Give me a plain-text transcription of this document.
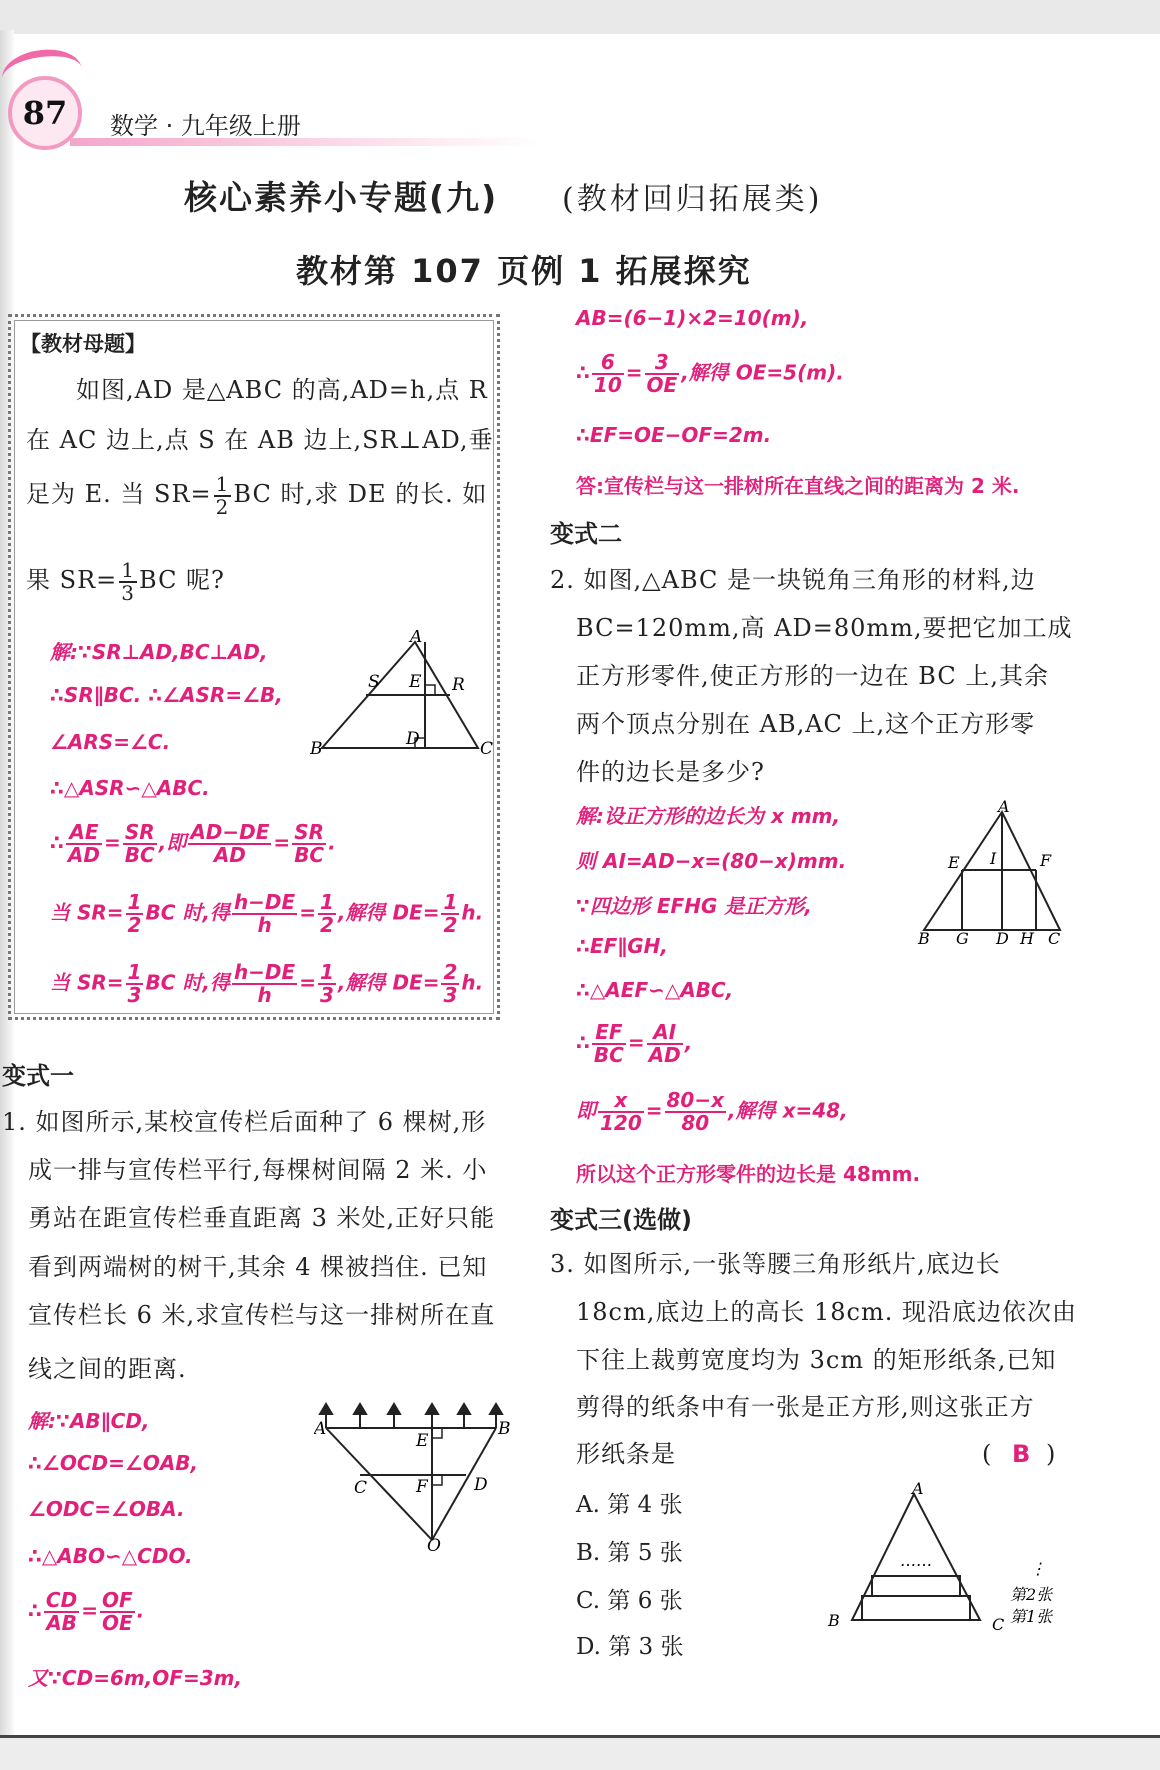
87	数学 · 九年级上册
核心素养小专题(九) (教材回归拓展类)
教材第 107 页例 1 拓展探究
【教材母题】
如图,AD 是△ABC 的高,AD=h,点 R
在 AC 边上,点 S 在 AB 边上,SR⊥AD,垂
足为 E. 当 $SR= \frac{1}{2}$ BC 时,求 DE 的长. 如
果 $SR= \frac{1}{3}$ BC 呢?
解:∵SR⊥AD,BC⊥AD,
∴SR∥BC. ∴∠ASR=∠B,
∠ARS=∠C.
∴△ASR∽△ABC.
∴ $\frac{AE}{AD} = \frac{SR}{BC}$ ,即 $\frac{AD-DE}{AD} = \frac{SR}{BC}$ .
当 $SR= \frac{1}{2}$ BC 时,得 $\frac{h-DE}{h} = \frac{1}{2}$ ,解得 $DE= \frac{1}{2} h$.
当 $SR= \frac{1}{3}$ BC 时,得 $\frac{h-DE}{h} = \frac{1}{3}$ ,解得 $DE= \frac{2}{3} h$.
A
B	C
D
E
S	R
变式一
1. 如图所示,某校宣传栏后面种了 6 棵树,形
成一排与宣传栏平行,每棵树间隔 2 米. 小
勇站在距宣传栏垂直距离 3 米处,正好只能
看到两端树的树干,其余 4 棵被挡住. 已知
宣传栏长 6 米,求宣传栏与这一排树所在直
线之间的距离.
解:∵AB∥CD,
∴∠OCD=∠OAB,
∠ODC=∠OBA.
∴△ABO∽△CDO.
∴ $\frac{CD}{AB} = \frac{OF}{OE}$ .
又∵CD=6m,OF=3m,
A	B
C	D
E
F
O
AB=(6−1)×2=10(m),
∴ $\frac{6}{10} = \frac{3}{OE}$ ,解得 OE=5(m).
∴EF=OE−OF=2m.
答:宣传栏与这一排树所在直线之间的距离为 2 米.
变式二
2. 如图,△ABC 是一块锐角三角形的材料,边
BC=120mm,高 AD=80mm,要把它加工成
正方形零件,使正方形的一边在 BC 上,其余
两个顶点分别在 AB,AC 上,这个正方形零
件的边长是多少?
解:设正方形的边长为 x mm,
则 AI=AD−x=(80−x)mm.
∵四边形 EFHG 是正方形,
∴EF∥GH,
∴△AEF∽△ABC,
∴ $\frac{EF}{BC} = \frac{AI}{AD}$ ,
即 $\frac{x}{120} = \frac{80-x}{80}$ ,解得 x=48,
所以这个正方形零件的边长是 48mm.
A
B	C
D
E	F
G	H
I
变式三(选做)
3. 如图所示,一张等腰三角形纸片,底边长
18cm,底边上的高长 18cm. 现沿底边依次由
下往上裁剪宽度均为 3cm 的矩形纸条,已知
剪得的纸条中有一张是正方形,则这张正方
形纸条是	( B )
A. 第 4 张
B. 第 5 张
C. 第 6 张
D. 第 3 张
……
A
B	C
⋮
第2张
第1张
